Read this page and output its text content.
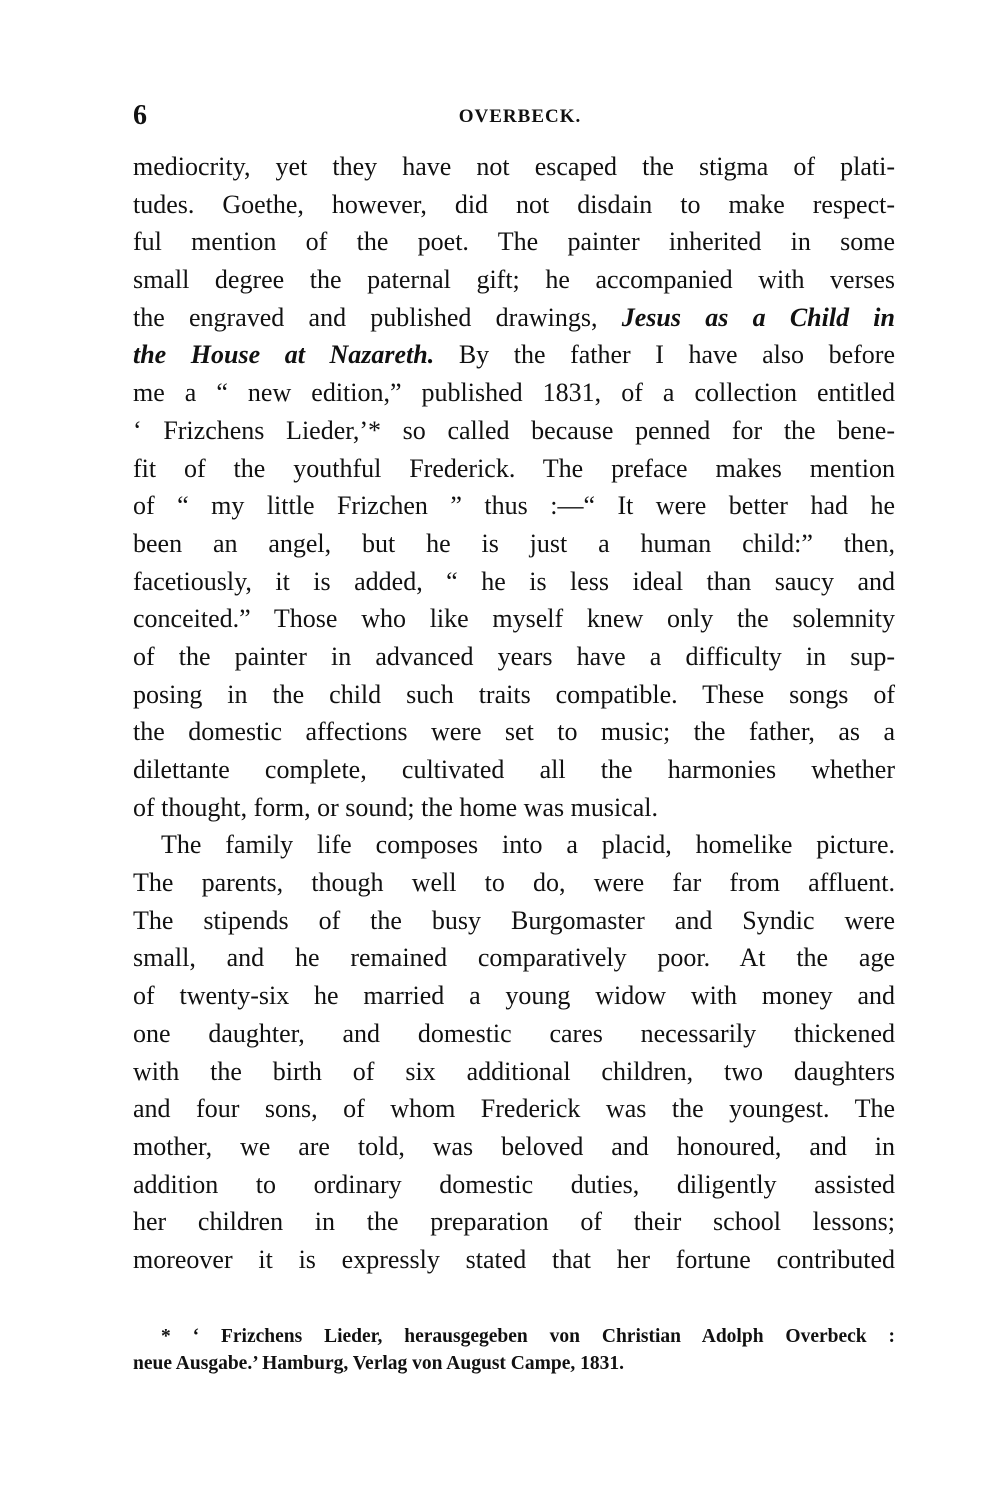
6	OVERBECK.
mediocrity, yet they have not escaped the stigma of plati-
tudes. Goethe, however, did not disdain to make respect-
ful mention of the poet. The painter inherited in some
small degree the paternal gift; he accompanied with verses
the engraved and published drawings, Jesus as a Child in
the House at Nazareth. By the father I have also before
me a “ new edition,” published 1831, of a collection entitled
‘ Frizchens Lieder,’* so called because penned for the bene-
fit of the youthful Frederick. The preface makes mention
of “ my little Frizchen ” thus :—“ It were better had he
been an angel, but he is just a human child:” then,
facetiously, it is added, “ he is less ideal than saucy and
conceited.” Those who like myself knew only the solemnity
of the painter in advanced years have a difficulty in sup-
posing in the child such traits compatible. These songs of
the domestic affections were set to music; the father, as a
dilettante complete, cultivated all the harmonies whether
of thought, form, or sound; the home was musical.
The family life composes into a placid, homelike picture.
The parents, though well to do, were far from affluent.
The stipends of the busy Burgomaster and Syndic were
small, and he remained comparatively poor. At the age
of twenty-six he married a young widow with money and
one daughter, and domestic cares necessarily thickened
with the birth of six additional children, two daughters
and four sons, of whom Frederick was the youngest. The
mother, we are told, was beloved and honoured, and in
addition to ordinary domestic duties, diligently assisted
her children in the preparation of their school lessons;
moreover it is expressly stated that her fortune contributed
* ‘ Frizchens Lieder, herausgegeben von Christian Adolph Overbeck :
neue Ausgabe.’ Hamburg, Verlag von August Campe, 1831.
